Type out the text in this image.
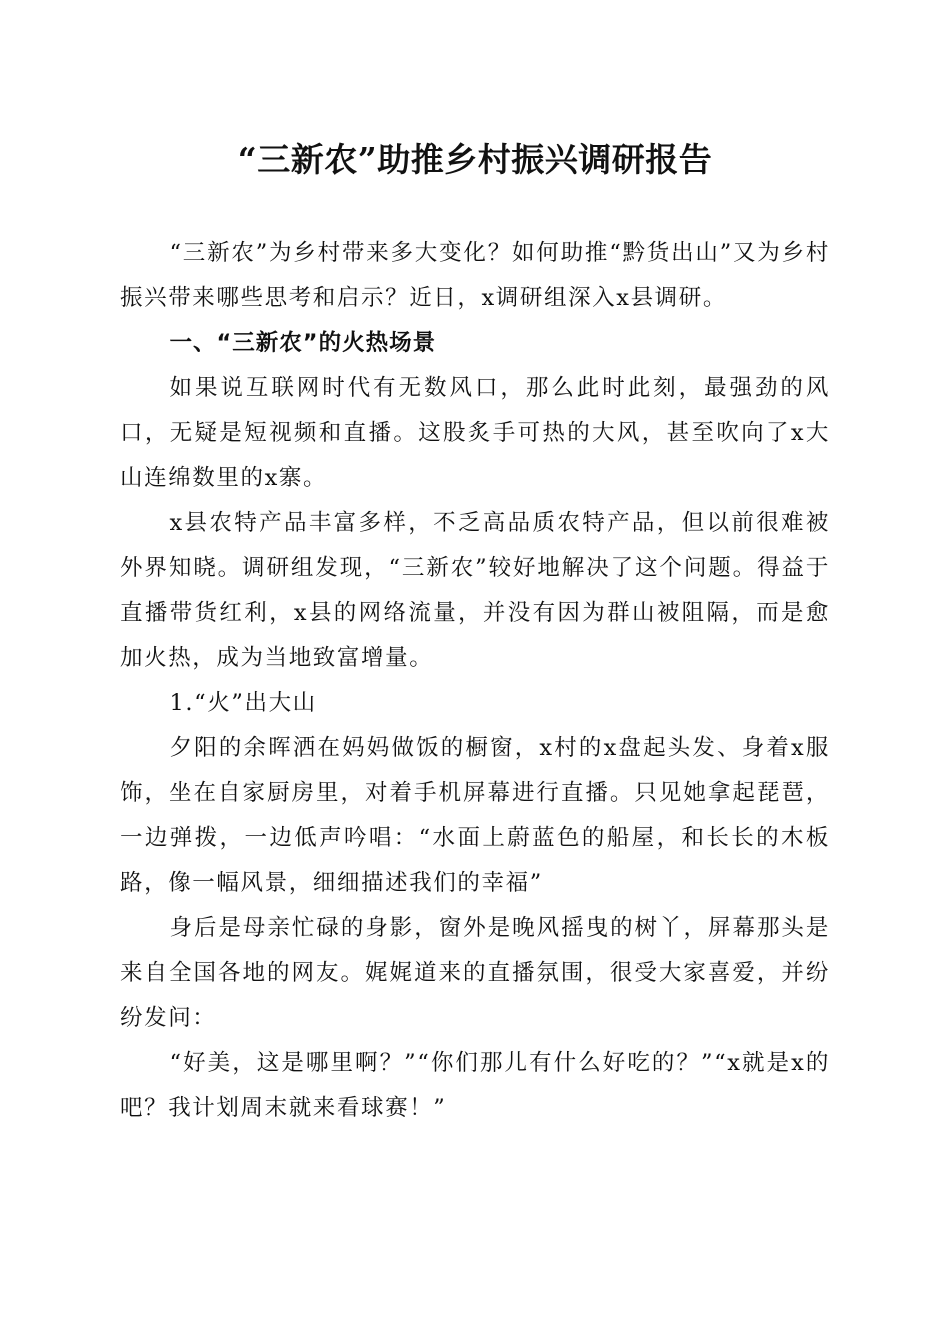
“三新农”助推乡村振兴调研报告

“三新农”为乡村带来多大变化？如何助推“黔货出山”又为乡村振兴带来哪些思考和启示？近日，x调研组深入x县调研。

一、“三新农”的火热场景

如果说互联网时代有无数风口，那么此时此刻，最强劲的风口，无疑是短视频和直播。这股炙手可热的大风，甚至吹向了x大山连绵数里的x寨。

x县农特产品丰富多样，不乏高品质农特产品，但以前很难被外界知晓。调研组发现，“三新农”较好地解决了这个问题。得益于直播带货红利，x县的网络流量，并没有因为群山被阻隔，而是愈加火热，成为当地致富增量。

1.“火”出大山

夕阳的余晖洒在妈妈做饭的橱窗，x村的x盘起头发、身着x服饰，坐在自家厨房里，对着手机屏幕进行直播。只见她拿起琵琶，一边弹拨，一边低声吟唱：“水面上蔚蓝色的船屋，和长长的木板路，像一幅风景，细细描述我们的幸福”

身后是母亲忙碌的身影，窗外是晚风摇曳的树丫，屏幕那头是来自全国各地的网友。娓娓道来的直播氛围，很受大家喜爱，并纷纷发问：

“好美，这是哪里啊？”“你们那儿有什么好吃的？”“x就是x的吧？我计划周末就来看球赛！”
